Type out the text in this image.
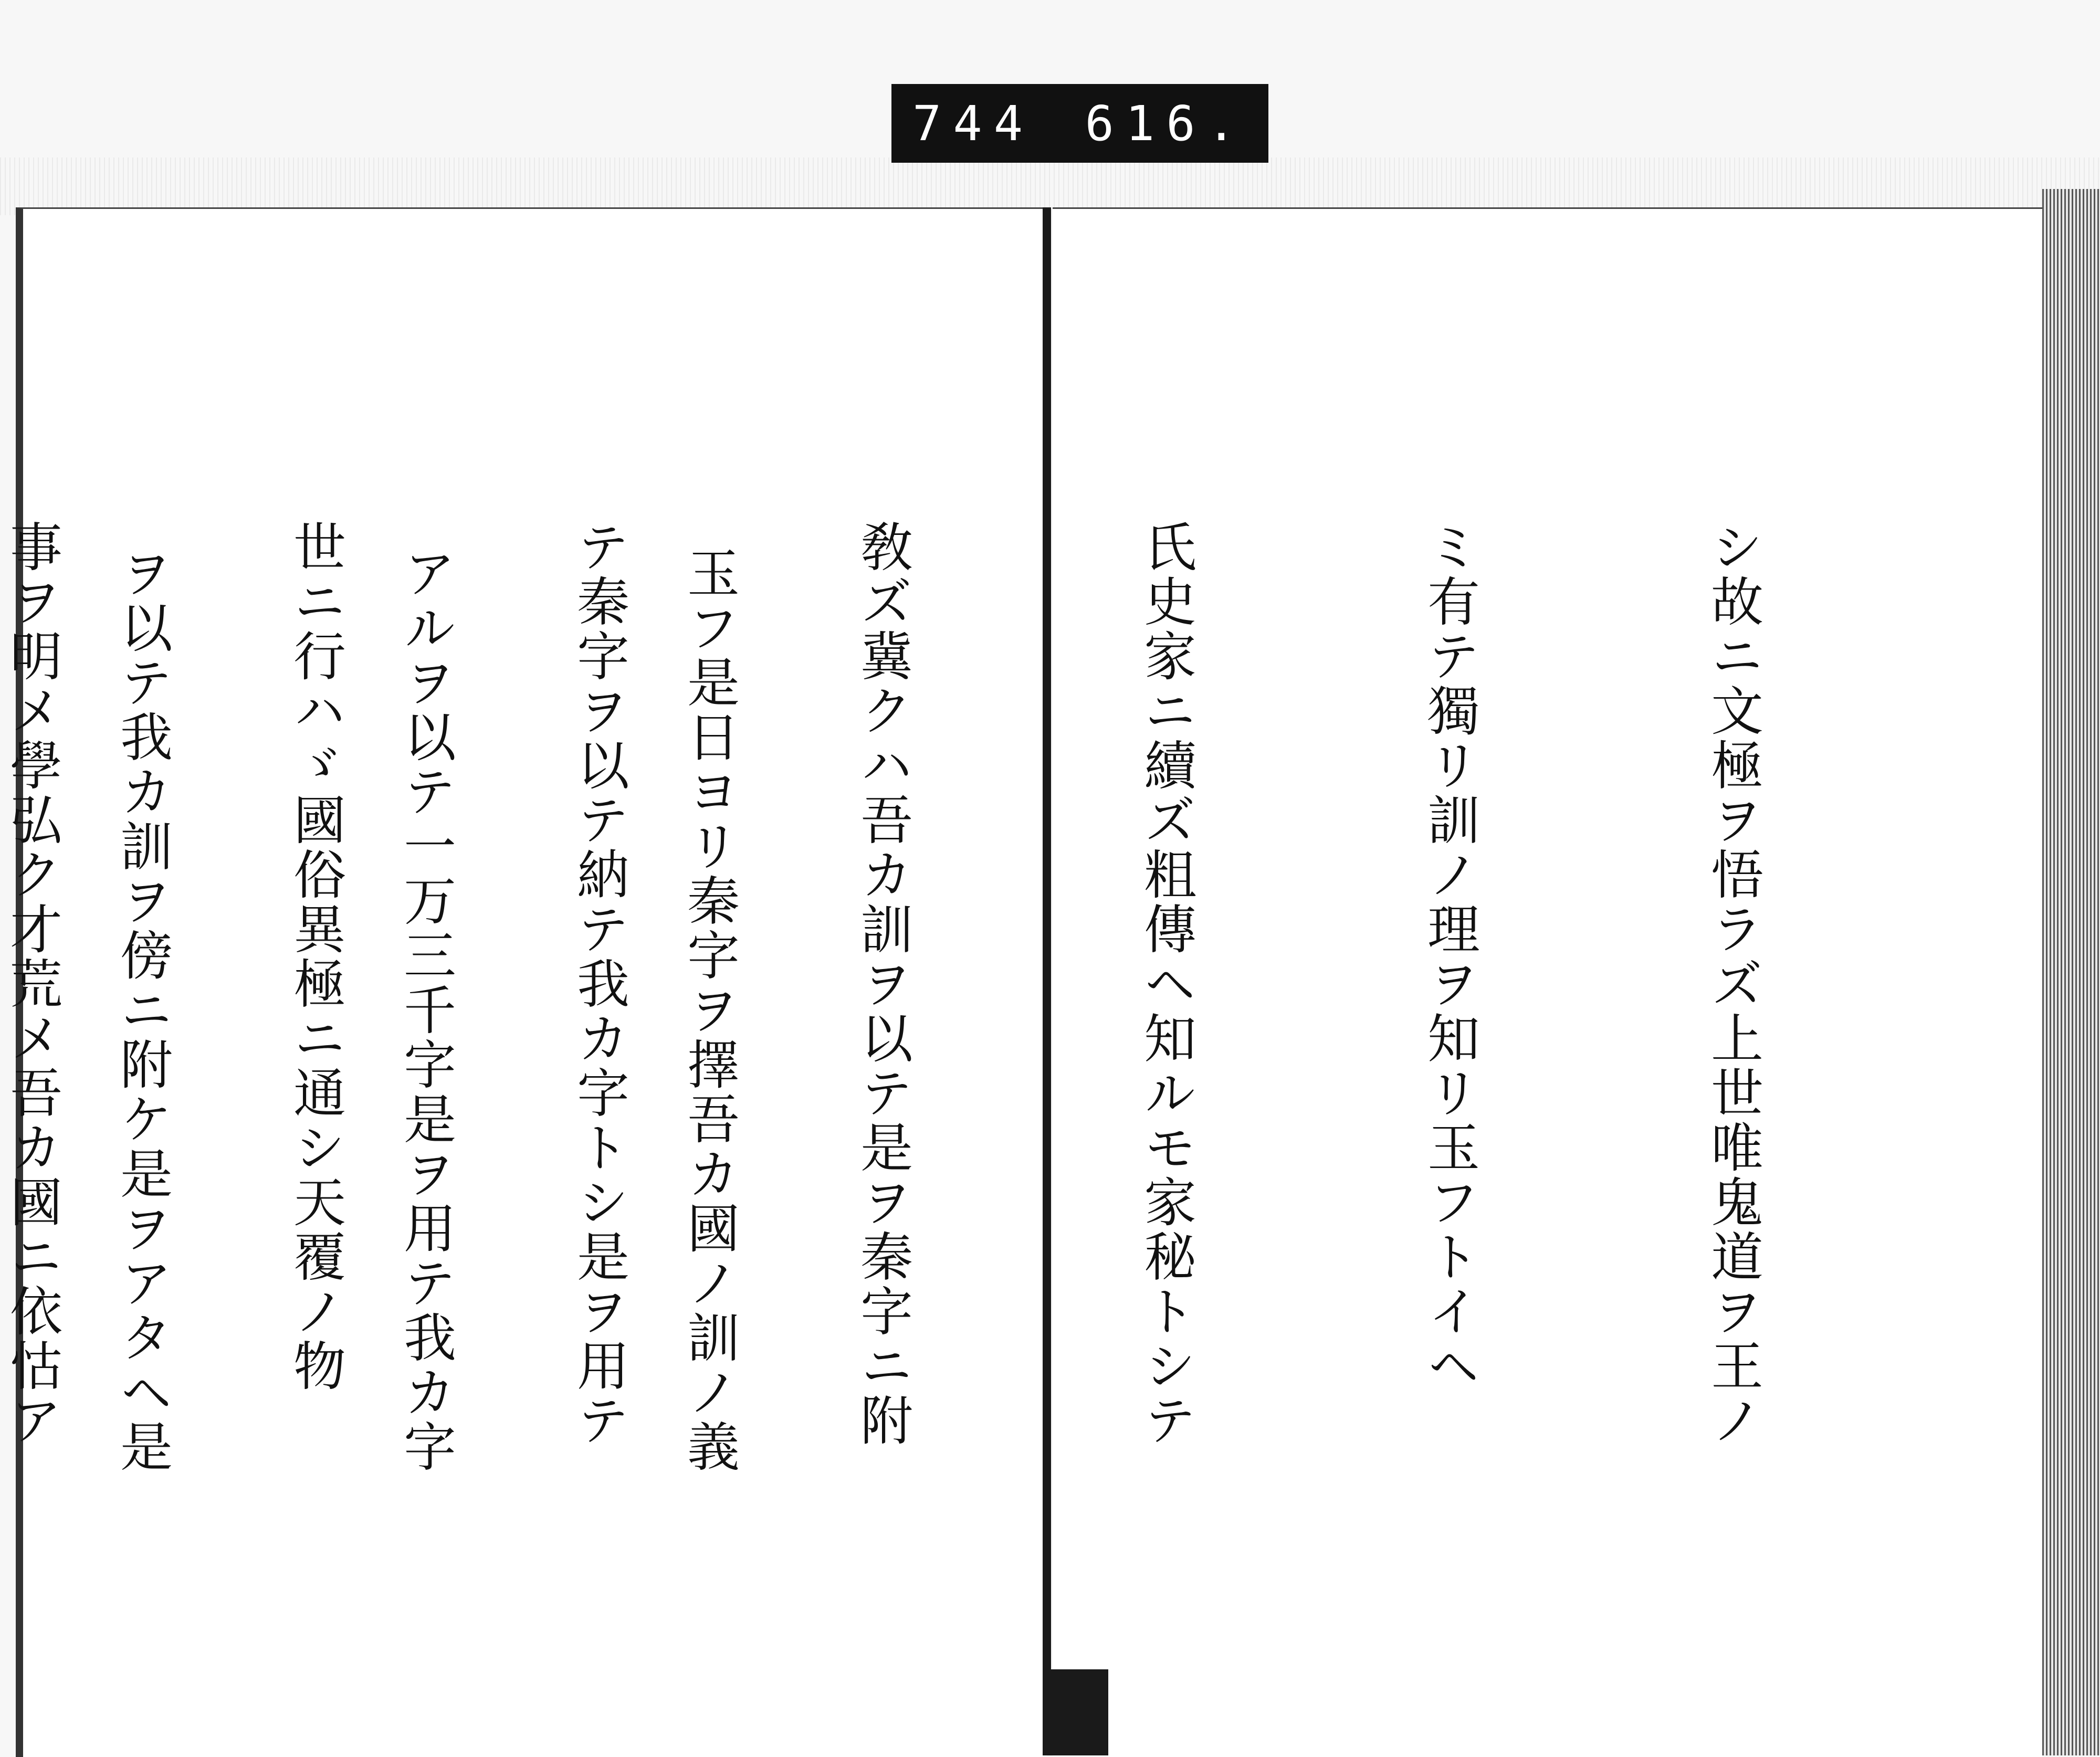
744 616.

シ故ニ文極ヲ悟ラズ上世唯鬼道ヲ王ノ

ミ有テ獨リ訓ノ理ヲ知リ玉フトイヘ

氏史家ニ續ズ粗傳ヘ知ルモ家秘トシテ

敎ズ冀クハ吾カ訓ヲ以テ是ヲ秦字ニ附

テ秦字ヲ以テ納テ我カ字トシ是ヲ用テ

世ニ行ハゞ國俗異極ニ通シ天覆ノ物

事ヲ明メ學弘ク才荒メ吾カ國ニ依怙ア

	玉フ是日ヨリ秦字ヲ擇吾カ國ノ訓ノ義

アルヲ以テ一万三千字是ヲ用テ我カ字

ヲ以テ我カ訓ヲ傍ニ附ケ是ヲアタヘ是
